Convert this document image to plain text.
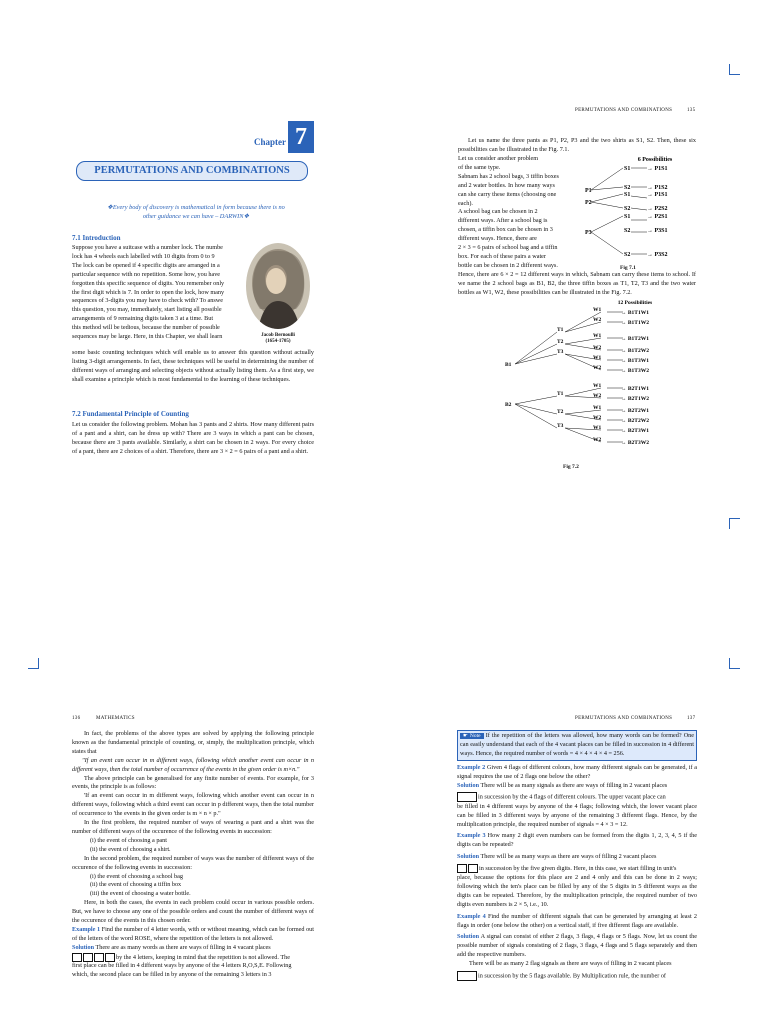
Chapter 7
PERMUTATIONS AND COMBINATIONS
❖Every body of discovery is mathematical in form because there is no
other guidance we can have – DARWIN❖
7.1 Introduction
Suppose you have a suitcase with a number lock. The numbe
lock has 4 wheels each labelled with 10 digits from 0 to 9
The lock can be opened if 4 specific digits are arranged in a
particular sequence with no repetition. Some how, you have
forgotten this specific sequence of digits. You remember only
the first digit which is 7. In order to open the lock, how many
sequences of 3-digits you may have to check with? To answe
this question, you may, immediately, start listing all possible
arrangements of 9 remaining digits taken 3 at a time. But
this method will be tedious, because the number of possible
sequences may be large. Here, in this Chapter, we shall learn	Jacob Bernoulli
(1654-1705)
some basic counting techniques which will enable us to answer this question without actually listing 3-digit arrangements. In fact, these techniques will be useful in determining the number of different ways of arranging and selecting objects without actually listing them. As a first step, we shall examine a principle which is most fundamental to the learning of these techniques.
7.2 Fundamental Principle of Counting
Let us consider the following problem. Mohan has 3 pants and 2 shirts. How many different pairs of a pant and a shirt, can he dress up with? There are 3 ways in which a pant can be chosen, because there are 3 pants available. Similarly, a shirt can be chosen in 2 ways. For every choice of a pant, there are 2 choices of a shirt. Therefore, there are 3 × 2 = 6 pairs of a pant and a shirt.
PERMUTATIONS AND COMBINATIONS	135
Let us name the three pants as P1, P2, P3 and the two shirts as S1, S2. Then, these six possibilities can be illustrated in the Fig. 7.1.
Let us consider another problem
of the same type.
Sabnam has 2 school bags, 3 tiffin boxes
and 2 water bottles. In how many ways
can she carry these items (choosing one
each).
A school bag can be chosen in 2
different ways. After a school bag is
chosen, a tiffin box can be chosen in 3
different ways. Hence, there are
2 × 3 = 6 pairs of school bag and a tiffin
box. For each of these pairs a water
bottle can be chosen in 2 different ways.
6 Possibilities
P1
P2
P3
S1
S2
S1
S2
S1
S2
S2
→ P1S1
→ P1S2
→ P1S1
→ P2S2
→ P2S1
→ P3S1
→ P3S2
Fig 7.1
Hence, there are 6 × 2 = 12 different ways in which, Sabnam can carry these items to school. If we name the 2 school bags as B1, B2, the three tiffin boxes as T1, T2, T3 and the two water bottles as W1, W2, these possibilities can be illustrated in the Fig. 7.2.
12 Possibilities
B1
T1
T2
T3
B2
T1
T2
T3
W1	→ B1T1W1
W2	→ B1T1W2
W1	→ B1T2W1
W2	→ B1T2W2
W1	→ B1T3W1
W2	→ B1T3W2
W1	→ B2T1W1
W2	→ B2T1W2
W1	→ B2T2W1
W2	→ B2T2W2
W1	→ B2T3W1
W2	→ B2T3W2
Fig 7.2
136	MATHEMATICS
In fact, the problems of the above types are solved by applying the following principle known as the fundamental principle of counting, or, simply, the multiplication principle, which states that
"If an event can occur in m different ways, following which another event can occur in n different ways, then the total number of occurrence of the events in the given order is m×n."
The above principle can be generalised for any finite number of events. For example, for 3 events, the principle is as follows:
'If an event can occur in m different ways, following which another event can occur in n different ways, following which a third event can occur in p different ways, then the total number of occurrence to 'the events in the given order is m × n × p."
In the first problem, the required number of ways of wearing a pant and a shirt was the number of different ways of the occurence of the following events in succession:
(i) the event of choosing a pant
(ii) the event of choosing a shirt.
In the second problem, the required number of ways was the number of different ways of the occurence of the following events in succession:
(i) the event of choosing a school bag
(ii) the event of choosing a tiffin box
(iii) the event of choosing a water bottle.
Here, in both the cases, the events in each problem could occur in various possible orders. But, we have to choose any one of the possible orders and count the number of different ways of the occurence of the events in this chosen order.
Example 1 Find the number of 4 letter words, with or without meaning, which can be formed out of the letters of the word ROSE, where the repetition of the letters is not allowed.
Solution There are as many words as there are ways of filling in 4 vacant places
by the 4 letters, keeping in mind that the repetition is not allowed. The
first place can be filled in 4 different ways by anyone of the 4 letters R,O,S,E. Following
which, the second place can be filled in by anyone of the remaining 3 letters in 3
PERMUTATIONS AND COMBINATIONS	137
☛ Note If the repetition of the letters was allowed, how many words can be formed? One can easily understand that each of the 4 vacant places can be filled in succession in 4 different ways. Hence, the required number of words = 4 × 4 × 4 × 4 = 256.
Example 2 Given 4 flags of different colours, how many different signals can be generated, if a signal requires the use of 2 flags one below the other?
Solution There will be as many signals as there are ways of filling in 2 vacant places
in succession by the 4 flags of different colours. The upper vacant place can
be filled in 4 different ways by anyone of the 4 flags; following which, the lower vacant place can be filled in 3 different ways by anyone of the remaining 3 different flags. Hence, by the multiplication principle, the required number of signals = 4 × 3 = 12.
Example 3 How many 2 digit even numbers can be formed from the digits 1, 2, 3, 4, 5 if the digits can be repeated?
Solution There will be as many ways as there are ways of filling 2 vacant places
in succession by the five given digits. Here, in this case, we start filling in unit's
place, because the options for this place are 2 and 4 only and this can be done in 2 ways; following which the ten's place can be filled by any of the 5 digits in 5 different ways as the digits can be repeated. Therefore, by the multiplication principle, the required number of two digits even numbers is 2 × 5, i.e., 10.
Example 4 Find the number of different signals that can be generated by arranging at least 2 flags in order (one below the other) on a vertical staff, if five different flags are available.
Solution A signal can consist of either 2 flags, 3 flags, 4 flags or 5 flags. Now, let us count the possible number of signals consisting of 2 flags, 3 flags, 4 flags and 5 flags separately and then add the respective numbers.
There will be as many 2 flag signals as there are ways of filling in 2 vacant places
in succession by the 5 flags available. By Multiplication rule, the number of
